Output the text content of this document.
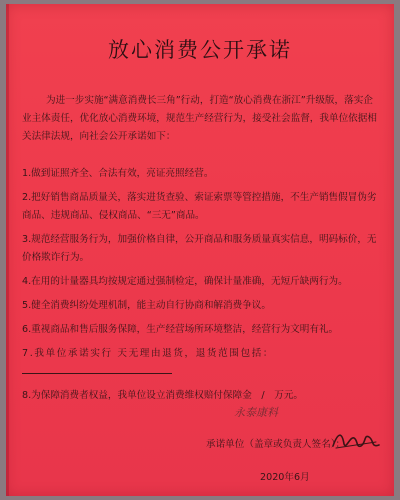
放心消费公开承诺

为进一步实施“满意消费长三角”行动，打造“放心消费在浙江”升级版，落实企业主体责任，优化放心消费环境，规范生产经营行为，接受社会监督，我单位依据相关法律法规，向社会公开承诺如下：

1.做到证照齐全、合法有效，亮证亮照经营。
2.把好销售商品质量关，落实进货查验、索证索票等管控措施，不生产销售假冒伪劣商品、违规商品、侵权商品、“三无”商品。
3.规范经营服务行为，加强价格自律，公开商品和服务质量真实信息，明码标价，无价格欺诈行为。
4.在用的计量器具均按规定通过强制检定，确保计量准确，无短斤缺两行为。
5.健全消费纠纷处理机制，能主动自行协商和解消费争议。
6.重视商品和售后服务保障，生产经营场所环境整洁，经营行为文明有礼。
7.我单位承诺实行 天无理由退货，退货范围包括：
8.为保障消费者权益，我单位设立消费维权赔付保障金　/　万元。
永泰康料
承诺单位（盖章或负责人签名）：
2020年6月
